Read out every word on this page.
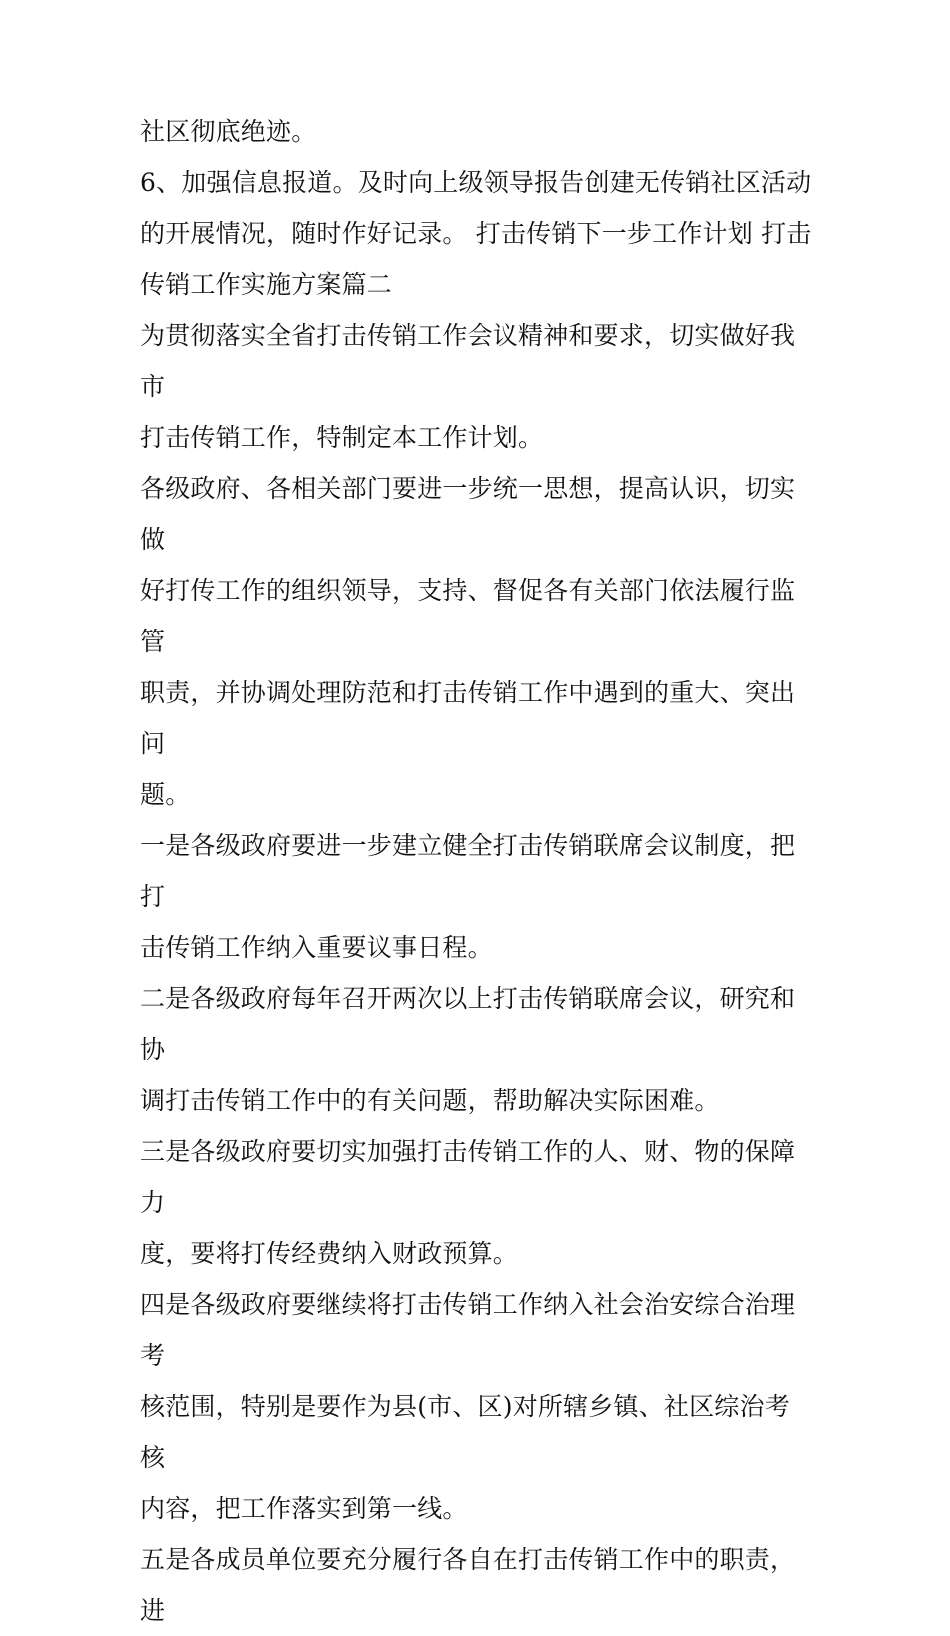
社区彻底绝迹。

6、加强信息报道。及时向上级领导报告创建无传销社区活动
的开展情况，随时作好记录。 打击传销下一步工作计划 打击
传销工作实施方案篇二

为贯彻落实全省打击传销工作会议精神和要求，切实做好我市
打击传销工作，特制定本工作计划。

各级政府、各相关部门要进一步统一思想，提高认识，切实做
好打传工作的组织领导，支持、督促各有关部门依法履行监管
职责，并协调处理防范和打击传销工作中遇到的重大、突出问
题。

一是各级政府要进一步建立健全打击传销联席会议制度，把打
击传销工作纳入重要议事日程。

二是各级政府每年召开两次以上打击传销联席会议，研究和协
调打击传销工作中的有关问题，帮助解决实际困难。

三是各级政府要切实加强打击传销工作的人、财、物的保障力
度，要将打传经费纳入财政预算。

四是各级政府要继续将打击传销工作纳入社会治安综合治理考
核范围，特别是要作为县(市、区)对所辖乡镇、社区综治考核
内容，把工作落实到第一线。

五是各成员单位要充分履行各自在打击传销工作中的职责，进
